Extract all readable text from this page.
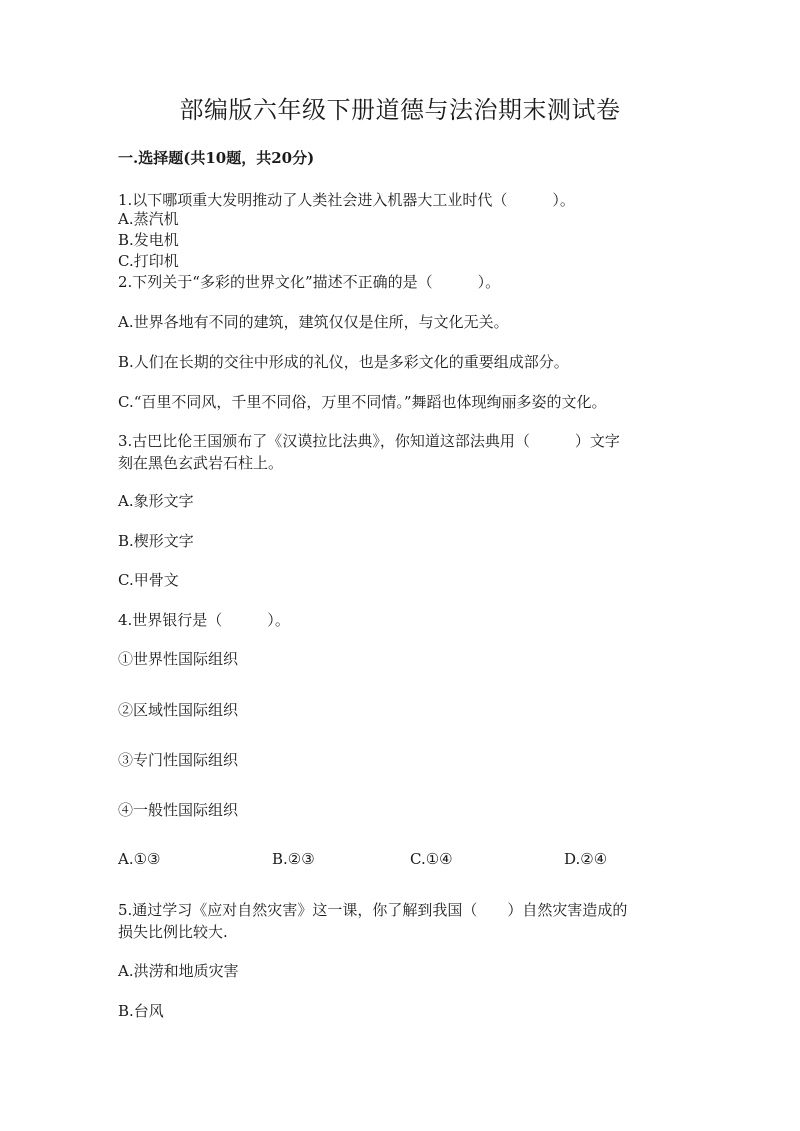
部编版六年级下册道德与法治期末测试卷
一.选择题(共10题，共20分)
1.以下哪项重大发明推动了人类社会进入机器大工业时代（　　　）。
A.蒸汽机
B.发电机
C.打印机
2.下列关于“多彩的世界文化”描述不正确的是（　　　）。
A.世界各地有不同的建筑，建筑仅仅是住所，与文化无关。
B.人们在长期的交往中形成的礼仪，也是多彩文化的重要组成部分。
C.“百里不同风，千里不同俗，万里不同情。”舞蹈也体现绚丽多姿的文化。
3.古巴比伦王国颁布了《汉谟拉比法典》，你知道这部法典用（　　　）文字
刻在黑色玄武岩石柱上。
A.象形文字
B.楔形文字
C.甲骨文
4.世界银行是（　　　）。
①世界性国际组织
②区域性国际组织
③专门性国际组织
④一般性国际组织
A.①③	B.②③	C.①④	D.②④
5.通过学习《应对自然灾害》这一课，你了解到我国（　　）自然灾害造成的
损失比例比较大.
A.洪涝和地质灾害
B.台风
